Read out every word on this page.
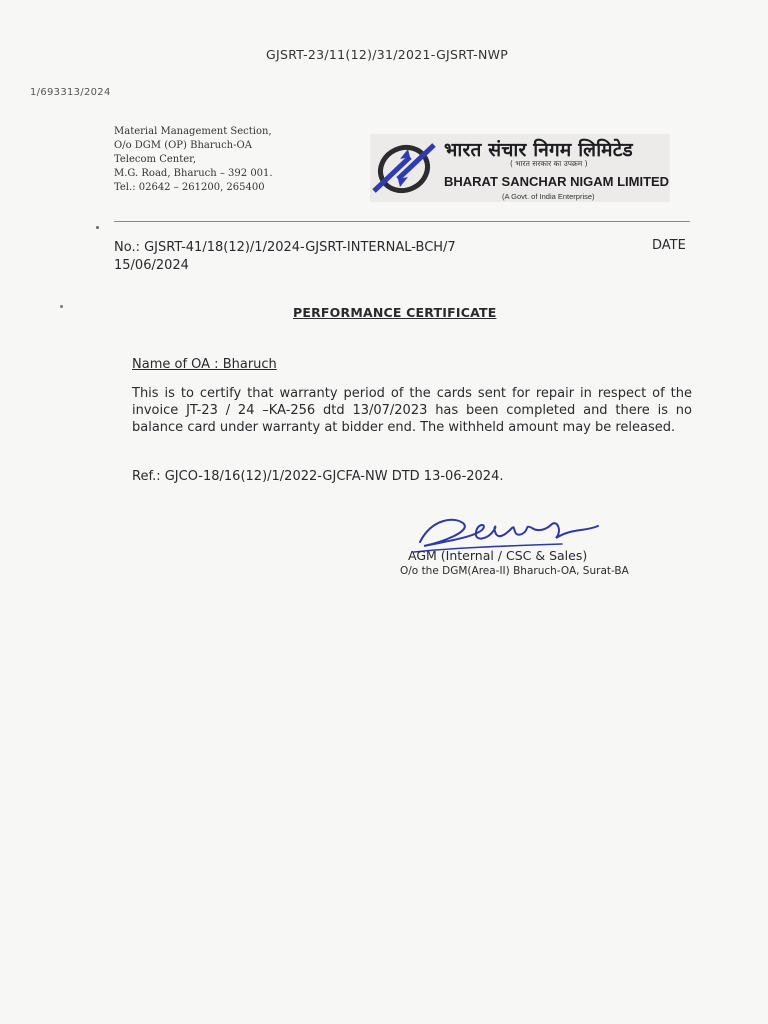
GJSRT-23/11(12)/31/2021-GJSRT-NWP
1/693313/2024
Material Management Section,
O/o DGM (OP) Bharuch-OA
Telecom Center,
M.G. Road, Bharuch – 392 001.
Tel.: 02642 – 261200, 265400
भारत संचार निगम लिमिटेड
( भारत सरकार का उपक्रम )
BHARAT SANCHAR NIGAM LIMITED
(A Govt. of India Enterprise)
No.: GJSRT-41/18(12)/1/2024-GJSRT-INTERNAL-BCH/7	DATE
15/06/2024
PERFORMANCE CERTIFICATE
Name of OA : Bharuch

This is to certify that warranty period of the cards sent for repair in respect of the invoice JT-23 / 24 –KA-256 dtd 13/07/2023 has been completed and there is no balance card under warranty at bidder end. The withheld amount may be released.

Ref.: GJCO-18/16(12)/1/2022-GJCFA-NW DTD 13-06-2024.
AGM (Internal / CSC & Sales)
O/o the DGM(Area-II) Bharuch-OA, Surat-BA
